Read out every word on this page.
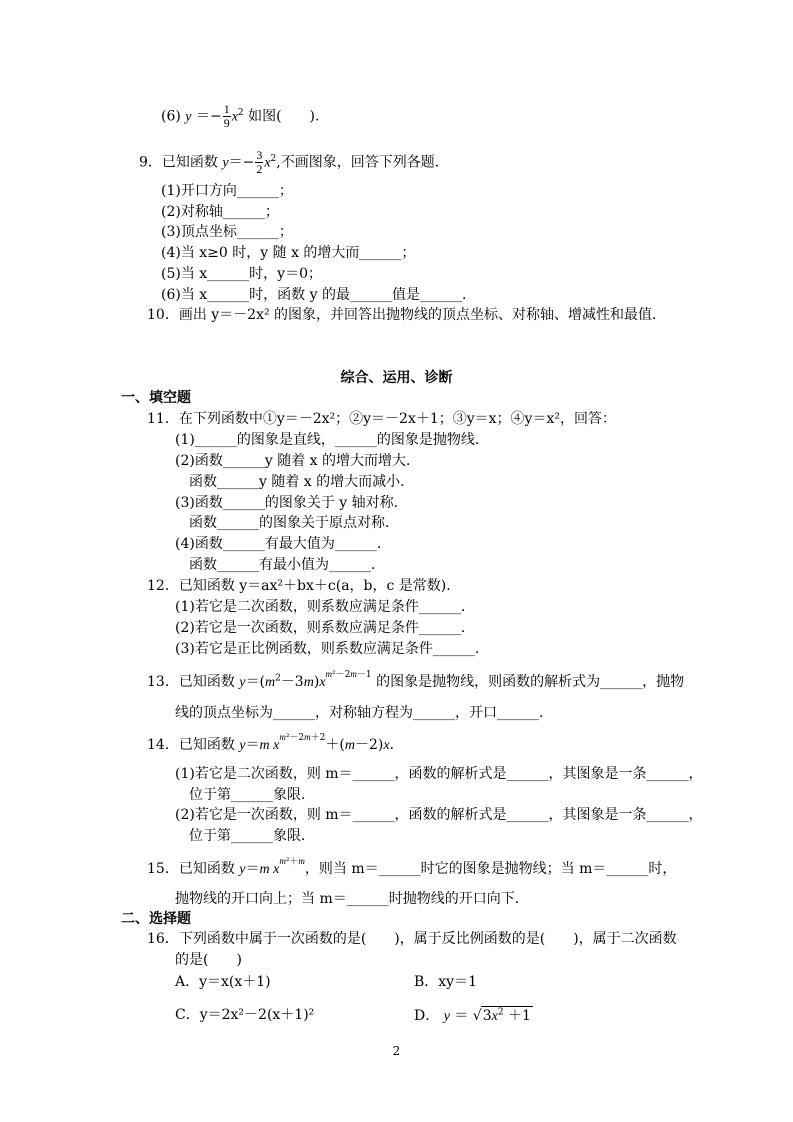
(6) $y =- \frac{1}{9} x^2$ 如图(　　).
9．已知函数 $y=- \frac{3}{2} x^2$,不画图象，回答下列各题．
(1)开口方向______；
(2)对称轴______；
(3)顶点坐标______；
(4)当 x≥0 时，y 随 x 的增大而______；
(5)当 x______时，y＝0；
(6)当 x______时，函数 y 的最______值是______．
10．画出 y＝－2x² 的图象，并回答出抛物线的顶点坐标、对称轴、增减性和最值．
综合、运用、诊断
一、填空题
11．在下列函数中①y＝－2x²；②y＝－2x＋1；③y＝x；④y＝x²，回答：
(1)______的图象是直线，______的图象是抛物线．
(2)函数______y 随着 x 的增大而增大．
函数______y 随着 x 的增大而减小．
(3)函数______的图象关于 y 轴对称．
函数______的图象关于原点对称．
(4)函数______有最大值为______．
函数______有最小值为______．
12．已知函数 y＝ax²＋bx＋c(a，b，c 是常数)．
(1)若它是二次函数，则系数应满足条件______．
(2)若它是一次函数，则系数应满足条件______．
(3)若它是正比例函数，则系数应满足条件______．
13．已知函数 $y=(m^2-3m)x^{m^2-2m-1}$ 的图象是抛物线，则函数的解析式为______，抛物
线的顶点坐标为______，对称轴方程为______，开口______．
14．已知函数 y＝m $x^{m^2-2m+2}+(m-2)x$．
(1)若它是二次函数，则 m＝______，函数的解析式是______，其图象是一条______，
位于第______象限．
(2)若它是一次函数，则 m＝______，函数的解析式是______，其图象是一条______，
位于第______象限．
15．已知函数 y＝m $x^{m^2+m}$，则当 m＝______时它的图象是抛物线；当 m＝______时，
抛物线的开口向上；当 m＝______时抛物线的开口向下．
二、选择题
16．下列函数中属于一次函数的是(　　)，属于反比例函数的是(　　)，属于二次函数
的是(　　)
A．y＝x(x＋1)	B．xy＝1
C．y＝2x²－2(x＋1)²	D． $y = √3x^2 +1$
2
